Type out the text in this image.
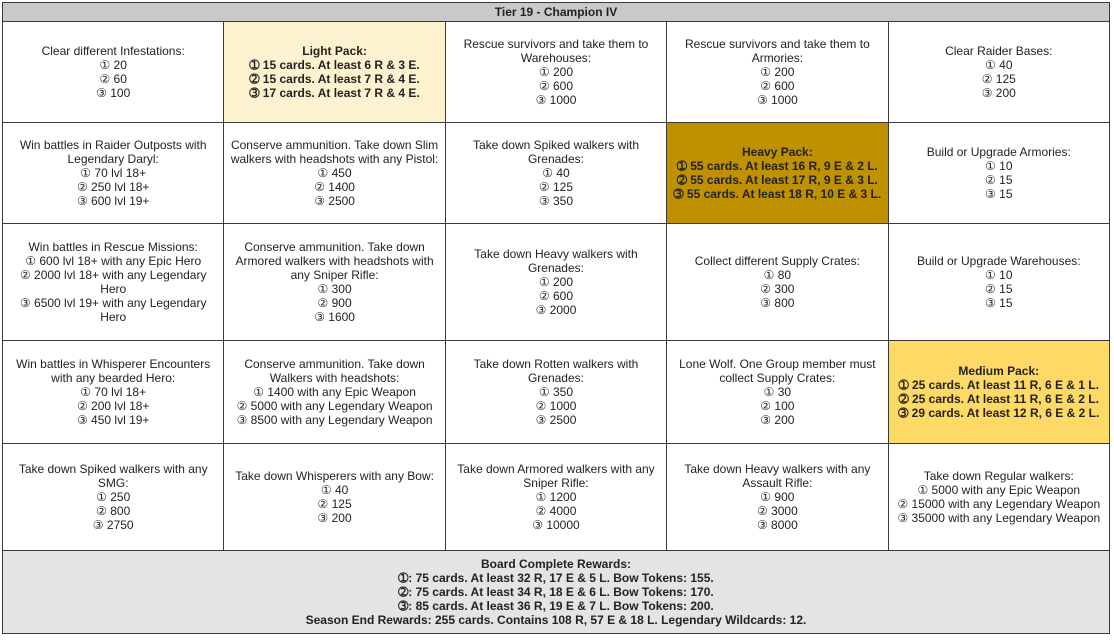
Tier 19 - Champion IV				

Clear different Infestations:
① 20
② 60
③ 100	Light Pack:
➀ 15 cards. At least 6 R & 3 E.
➁ 15 cards. At least 7 R & 4 E.
➂ 17 cards. At least 7 R & 4 E.	Rescue survivors and take them to Warehouses:
① 200
② 600
③ 1000	Rescue survivors and take them to Armories:
① 200
② 600
③ 1000	Clear Raider Bases:
① 40
② 125
③ 200

Win battles in Raider Outposts with Legendary Daryl:
① 70 lvl 18+
② 250 lvl 18+
③ 600 lvl 19+	Conserve ammunition. Take down Slim walkers with headshots with any Pistol:
① 450
② 1400
③ 2500	Take down Spiked walkers with Grenades:
① 40
② 125
③ 350	Heavy Pack:
➀ 55 cards. At least 16 R, 9 E & 2 L.
➁ 55 cards. At least 17 R, 9 E & 3 L.
➂ 55 cards. At least 18 R, 10 E & 3 L.	Build or Upgrade Armories:
① 10
② 15
③ 15

Win battles in Rescue Missions:
① 600 lvl 18+ with any Epic Hero
② 2000 lvl 18+ with any Legendary Hero
③ 6500 lvl 19+ with any Legendary Hero	Conserve ammunition. Take down Armored walkers with headshots with any Sniper Rifle:
① 300
② 900
③ 1600	Take down Heavy walkers with Grenades:
① 200
② 600
③ 2000	Collect different Supply Crates:
① 80
② 300
③ 800	Build or Upgrade Warehouses:
① 10
② 15
③ 15

Win battles in Whisperer Encounters with any bearded Hero:
① 70 lvl 18+
② 200 lvl 18+
③ 450 lvl 19+	Conserve ammunition. Take down Walkers with headshots:
① 1400 with any Epic Weapon
② 5000 with any Legendary Weapon
③ 8500 with any Legendary Weapon	Take down Rotten walkers with Grenades:
① 350
② 1000
③ 2500	Lone Wolf. One Group member must collect Supply Crates:
① 30
② 100
③ 200	Medium Pack:
➀ 25 cards. At least 11 R, 6 E & 1 L.
➁ 25 cards. At least 11 R, 6 E & 2 L.
➂ 29 cards. At least 12 R, 6 E & 2 L.

Take down Spiked walkers with any SMG:
① 250
② 800
③ 2750	Take down Whisperers with any Bow:
① 40
② 125
③ 200	Take down Armored walkers with any Sniper Rifle:
① 1200
② 4000
③ 10000	Take down Heavy walkers with any Assault Rifle:
① 900
② 3000
③ 8000	Take down Regular walkers:
① 5000 with any Epic Weapon
② 15000 with any Legendary Weapon
③ 35000 with any Legendary Weapon

Board Complete Rewards:
➀: 75 cards. At least 32 R, 17 E & 5 L. Bow Tokens: 155.
➁: 75 cards. At least 34 R, 18 E & 6 L. Bow Tokens: 170.
➂: 85 cards. At least 36 R, 19 E & 7 L. Bow Tokens: 200.
Season End Rewards: 255 cards. Contains 108 R, 57 E & 18 L. Legendary Wildcards: 12.				
